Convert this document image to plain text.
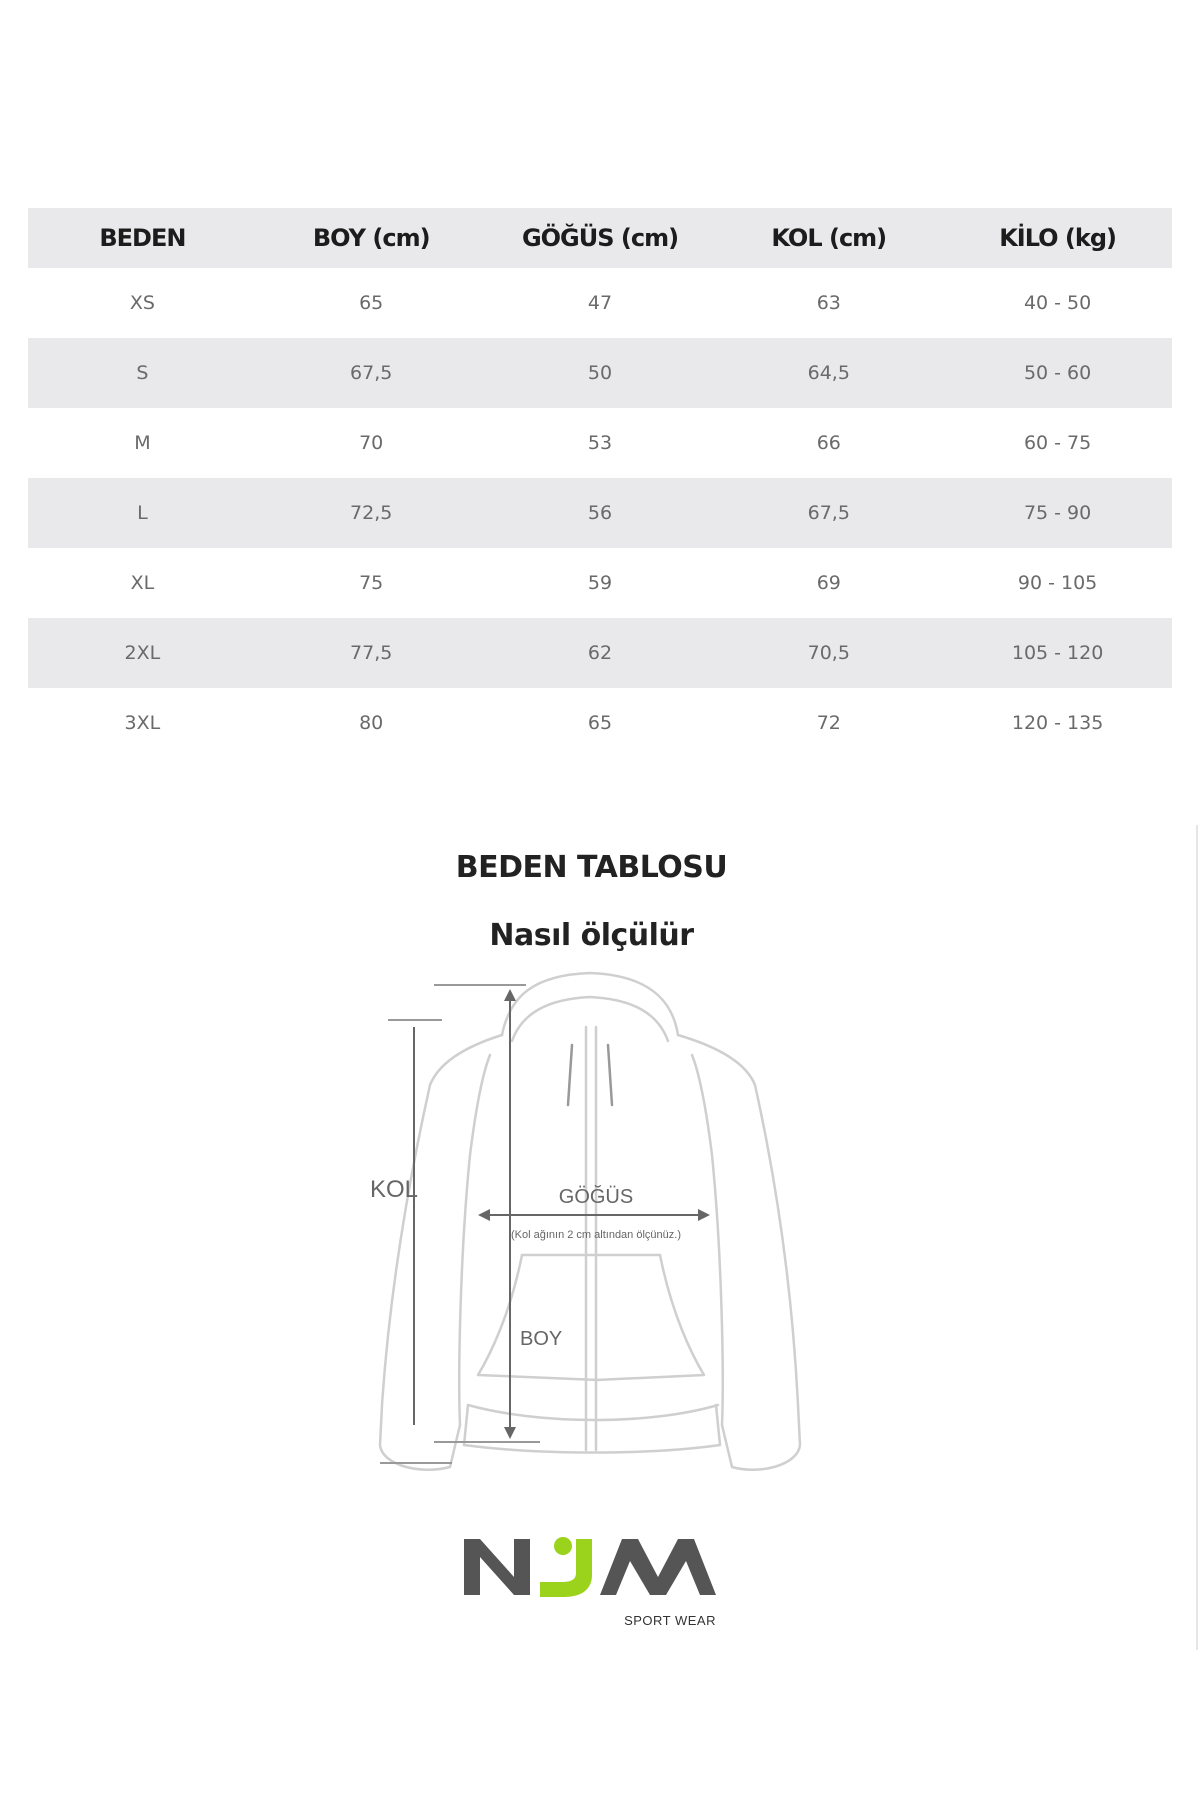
BEDEN	BOY (cm)	GÖĞÜS (cm)	KOL (cm)	KİLO (kg)
XS	65	47	63	40 - 50
S	67,5	50	64,5	50 - 60
M	70	53	66	60 - 75
L	72,5	56	67,5	75 - 90
XL	75	59	69	90 - 105
2XL	77,5	62	70,5	105 - 120
3XL	80	65	72	120 - 135
BEDEN TABLOSU
Nasıl ölçülür
KOL
BOY
GÖĞÜS
(Kol ağının 2 cm altından ölçünüz.)
SPORT WEAR
